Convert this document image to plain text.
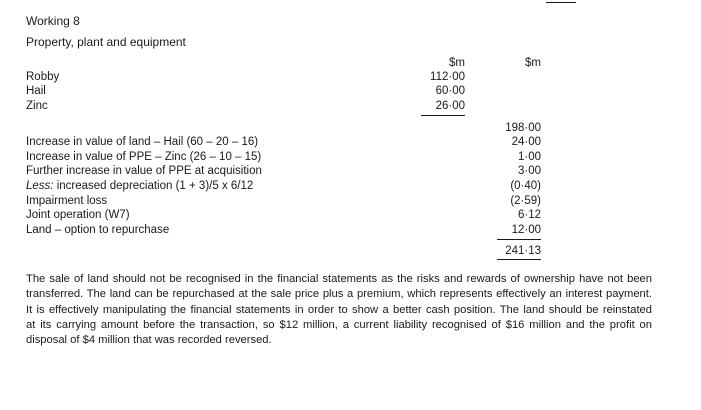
Working 8
Property, plant and equipment
$m	$m
Robby	112·00
Hail	60·00
Zinc	26·00
198·00
Increase in value of land – Hail (60 – 20 – 16)	24·00
Increase in value of PPE – Zinc (26 – 10 – 15)	1·00
Further increase in value of PPE at acquisition	3·00
Less: increased depreciation (1 + 3)/5 x 6/12	(0·40)
Impairment loss	(2·59)
Joint operation (W7)	6·12
Land – option to repurchase	12·00
241·13
The sale of land should not be recognised in the financial statements as the risks and rewards of ownership have not been
transferred. The land can be repurchased at the sale price plus a premium, which represents effectively an interest payment.
It is effectively manipulating the financial statements in order to show a better cash position. The land should be reinstated
at its carrying amount before the transaction, so $12 million, a current liability recognised of $16 million and the profit on
disposal of $4 million that was recorded reversed.
